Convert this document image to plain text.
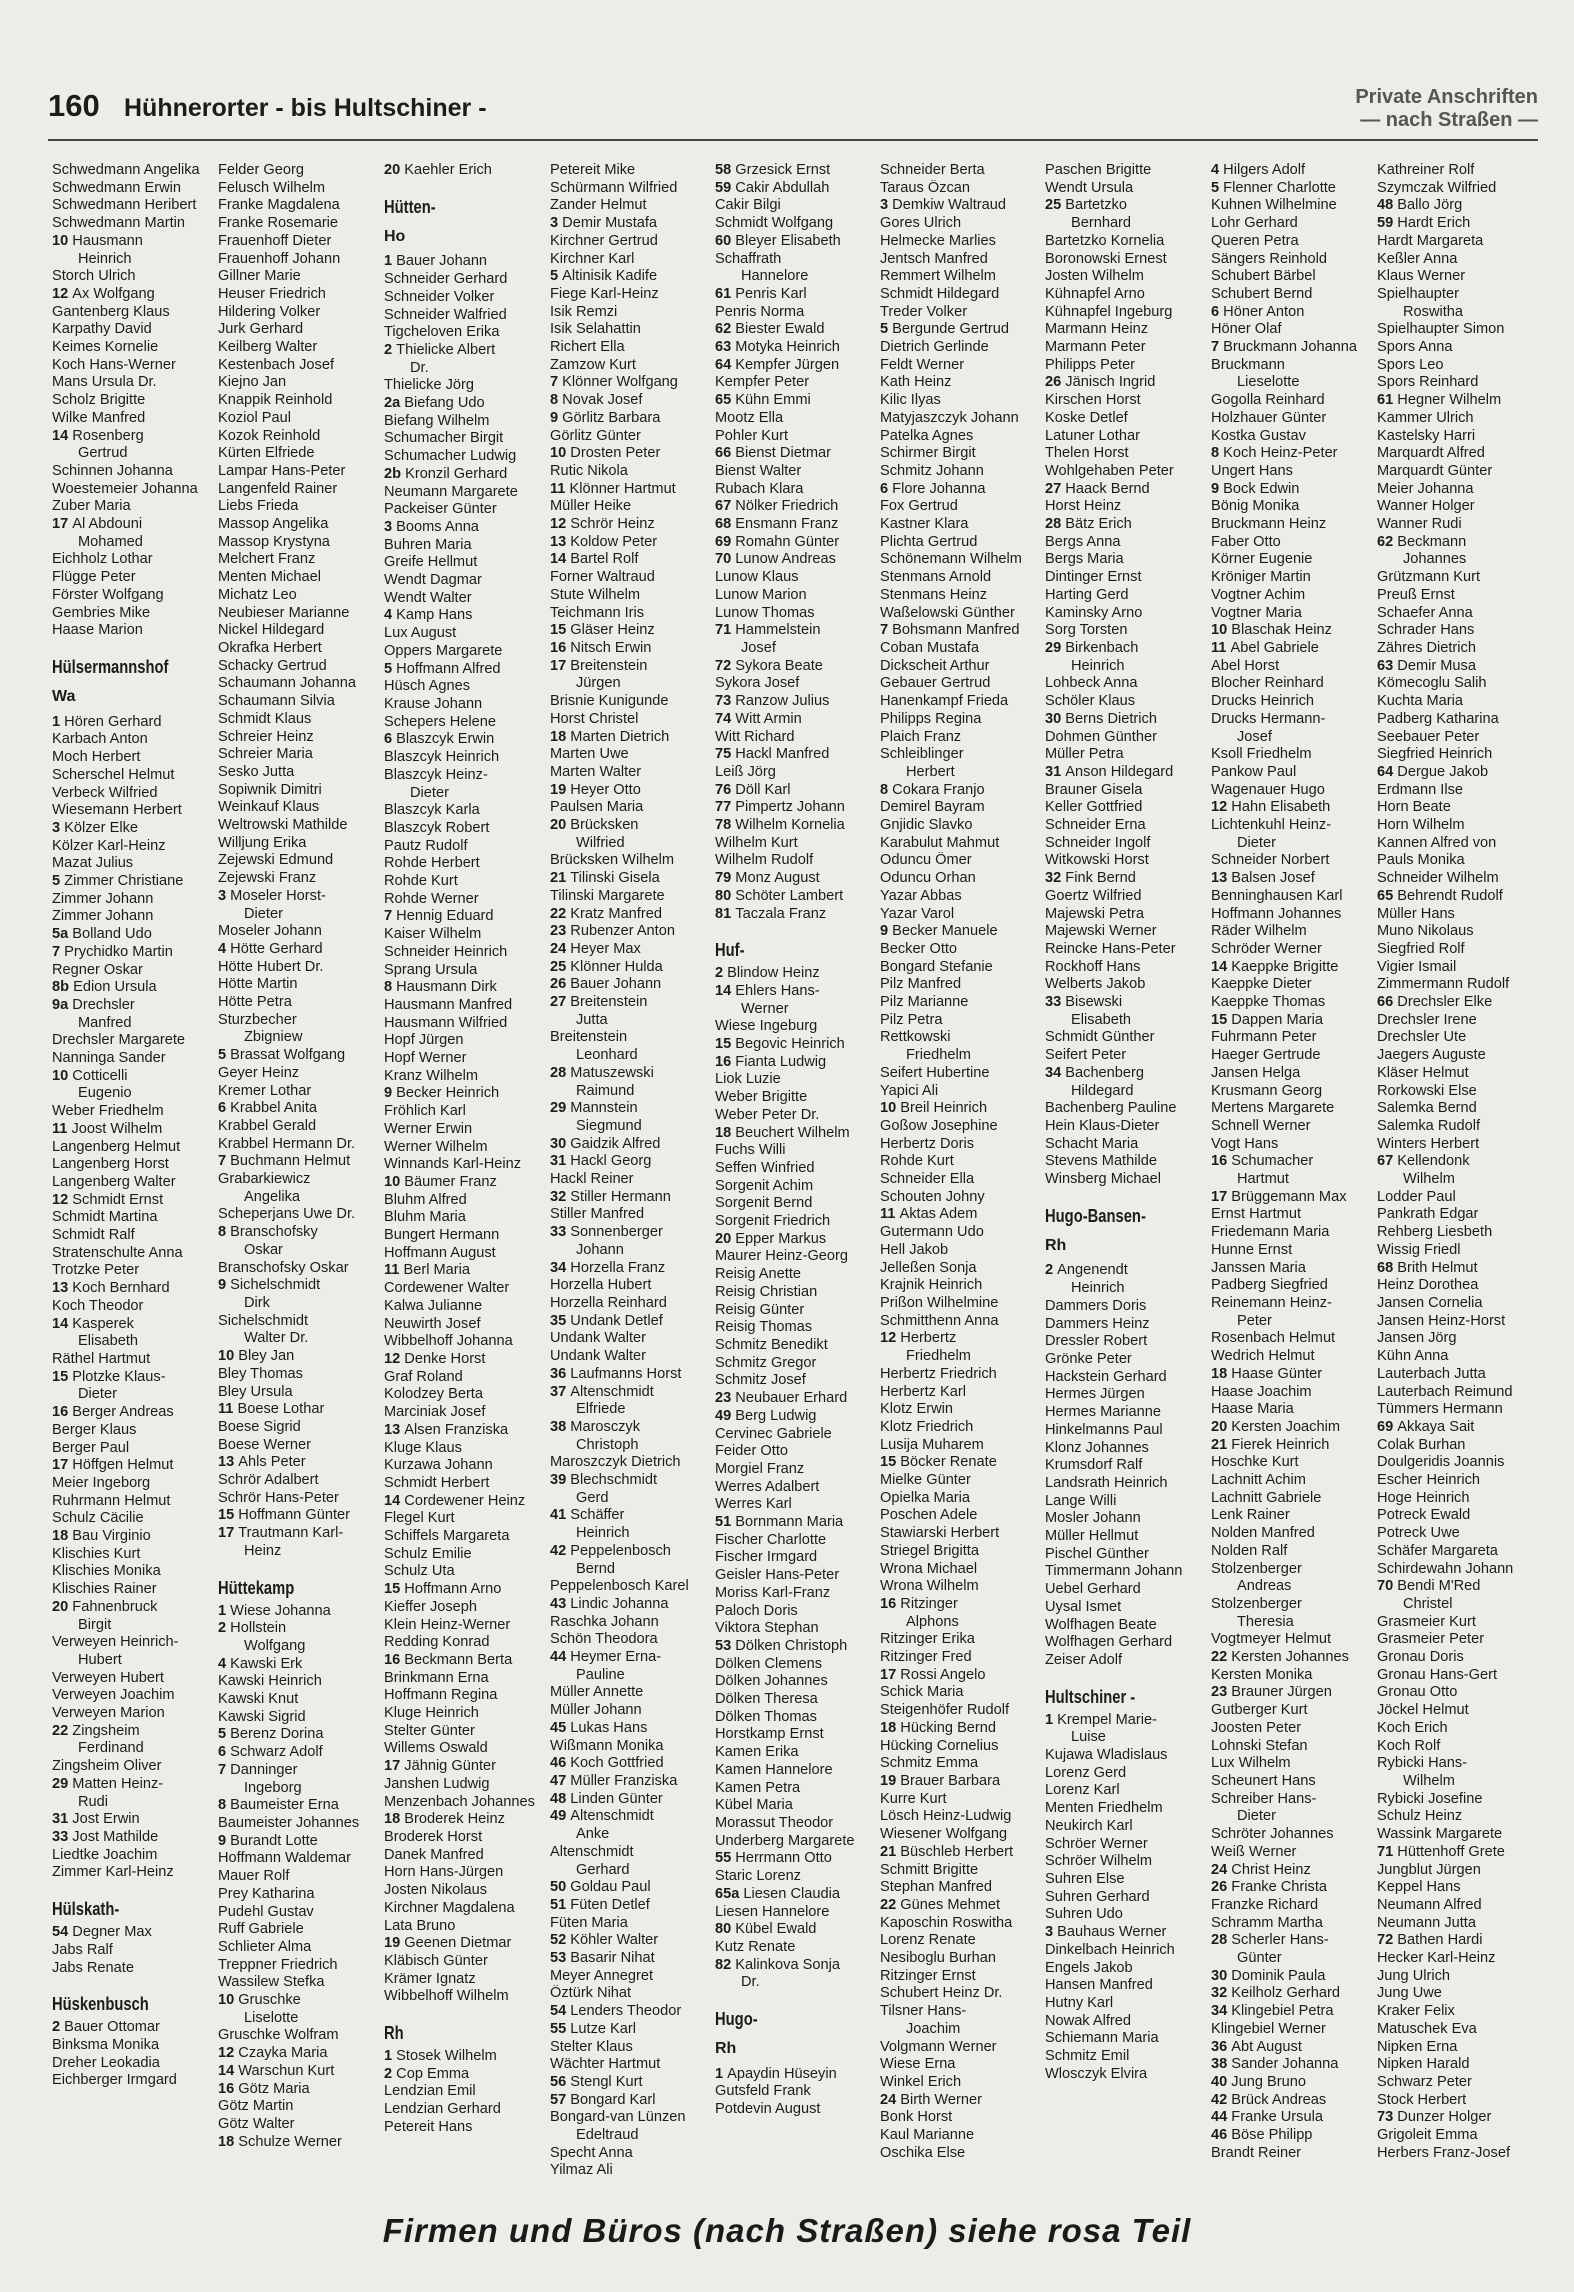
160 Hühnerorter - bis Hultschiner -	Private Anschriften
— nach Straßen —
Schwedmann Angelika
Schwedmann Erwin
Schwedmann Heribert
Schwedmann Martin
10 Hausmann
Heinrich
Storch Ulrich
12 Ax Wolfgang
Gantenberg Klaus
Karpathy David
Keimes Kornelie
Koch Hans-Werner
Mans Ursula Dr.
Scholz Brigitte
Wilke Manfred
14 Rosenberg
Gertrud
Schinnen Johanna
Woestemeier Johanna
Zuber Maria
17 Al Abdouni
Mohamed
Eichholz Lothar
Flügge Peter
Förster Wolfgang
Gembries Mike
Haase Marion
Hülsermannshof
Wa
1 Hören Gerhard
Karbach Anton
Moch Herbert
Scherschel Helmut
Verbeck Wilfried
Wiesemann Herbert
3 Kölzer Elke
Kölzer Karl-Heinz
Mazat Julius
5 Zimmer Christiane
Zimmer Johann
Zimmer Johann
5a Bolland Udo
7 Prychidko Martin
Regner Oskar
8b Edion Ursula
9a Drechsler
Manfred
Drechsler Margarete
Nanninga Sander
10 Cotticelli
Eugenio
Weber Friedhelm
11 Joost Wilhelm
Langenberg Helmut
Langenberg Horst
Langenberg Walter
12 Schmidt Ernst
Schmidt Martina
Schmidt Ralf
Stratenschulte Anna
Trotzke Peter
13 Koch Bernhard
Koch Theodor
14 Kasperek
Elisabeth
Räthel Hartmut
15 Plotzke Klaus-
Dieter
16 Berger Andreas
Berger Klaus
Berger Paul
17 Höffgen Helmut
Meier Ingeborg
Ruhrmann Helmut
Schulz Cäcilie
18 Bau Virginio
Klischies Kurt
Klischies Monika
Klischies Rainer
20 Fahnenbruck
Birgit
Verweyen Heinrich-
Hubert
Verweyen Hubert
Verweyen Joachim
Verweyen Marion
22 Zingsheim
Ferdinand
Zingsheim Oliver
29 Matten Heinz-
Rudi
31 Jost Erwin
33 Jost Mathilde
Liedtke Joachim
Zimmer Karl-Heinz
Hülskath-
54 Degner Max
Jabs Ralf
Jabs Renate
Hüskenbusch
2 Bauer Ottomar
Binksma Monika
Dreher Leokadia
Eichberger Irmgard
Felder Georg
Felusch Wilhelm
Franke Magdalena
Franke Rosemarie
Frauenhoff Dieter
Frauenhoff Johann
Gillner Marie
Heuser Friedrich
Hildering Volker
Jurk Gerhard
Keilberg Walter
Kestenbach Josef
Kiejno Jan
Knappik Reinhold
Koziol Paul
Kozok Reinhold
Kürten Elfriede
Lampar Hans-Peter
Langenfeld Rainer
Liebs Frieda
Massop Angelika
Massop Krystyna
Melchert Franz
Menten Michael
Michatz Leo
Neubieser Marianne
Nickel Hildegard
Okrafka Herbert
Schacky Gertrud
Schaumann Johanna
Schaumann Silvia
Schmidt Klaus
Schreier Heinz
Schreier Maria
Sesko Jutta
Sopiwnik Dimitri
Weinkauf Klaus
Weltrowski Mathilde
Willjung Erika
Zejewski Edmund
Zejewski Franz
3 Moseler Horst-
Dieter
Moseler Johann
4 Hötte Gerhard
Hötte Hubert Dr.
Hötte Martin
Hötte Petra
Sturzbecher
Zbigniew
5 Brassat Wolfgang
Geyer Heinz
Kremer Lothar
6 Krabbel Anita
Krabbel Gerald
Krabbel Hermann Dr.
7 Buchmann Helmut
Grabarkiewicz
Angelika
Scheperjans Uwe Dr.
8 Branschofsky
Oskar
Branschofsky Oskar
9 Sichelschmidt
Dirk
Sichelschmidt
Walter Dr.
10 Bley Jan
Bley Thomas
Bley Ursula
11 Boese Lothar
Boese Sigrid
Boese Werner
13 Ahls Peter
Schrör Adalbert
Schrör Hans-Peter
15 Hoffmann Günter
17 Trautmann Karl-
Heinz
Hüttekamp
1 Wiese Johanna
2 Hollstein
Wolfgang
4 Kawski Erk
Kawski Heinrich
Kawski Knut
Kawski Sigrid
5 Berenz Dorina
6 Schwarz Adolf
7 Danninger
Ingeborg
8 Baumeister Erna
Baumeister Johannes
9 Burandt Lotte
Hoffmann Waldemar
Mauer Rolf
Prey Katharina
Pudehl Gustav
Ruff Gabriele
Schlieter Alma
Treppner Friedrich
Wassilew Stefka
10 Gruschke
Liselotte
Gruschke Wolfram
12 Czayka Maria
14 Warschun Kurt
16 Götz Maria
Götz Martin
Götz Walter
18 Schulze Werner
20 Kaehler Erich
Hütten-
Ho
1 Bauer Johann
Schneider Gerhard
Schneider Volker
Schneider Walfried
Tigcheloven Erika
2 Thielicke Albert
Dr.
Thielicke Jörg
2a Biefang Udo
Biefang Wilhelm
Schumacher Birgit
Schumacher Ludwig
2b Kronzil Gerhard
Neumann Margarete
Packeiser Günter
3 Booms Anna
Buhren Maria
Greife Hellmut
Wendt Dagmar
Wendt Walter
4 Kamp Hans
Lux August
Oppers Margarete
5 Hoffmann Alfred
Hüsch Agnes
Krause Johann
Schepers Helene
6 Blaszcyk Erwin
Blaszcyk Heinrich
Blaszcyk Heinz-
Dieter
Blaszcyk Karla
Blaszcyk Robert
Pautz Rudolf
Rohde Herbert
Rohde Kurt
Rohde Werner
7 Hennig Eduard
Kaiser Wilhelm
Schneider Heinrich
Sprang Ursula
8 Hausmann Dirk
Hausmann Manfred
Hausmann Wilfried
Hopf Jürgen
Hopf Werner
Kranz Wilhelm
9 Becker Heinrich
Fröhlich Karl
Werner Erwin
Werner Wilhelm
Winnands Karl-Heinz
10 Bäumer Franz
Bluhm Alfred
Bluhm Maria
Bungert Hermann
Hoffmann August
11 Berl Maria
Cordewener Walter
Kalwa Julianne
Neuwirth Josef
Wibbelhoff Johanna
12 Denke Horst
Graf Roland
Kolodzey Berta
Marciniak Josef
13 Alsen Franziska
Kluge Klaus
Kurzawa Johann
Schmidt Herbert
14 Cordewener Heinz
Flegel Kurt
Schiffels Margareta
Schulz Emilie
Schulz Uta
15 Hoffmann Arno
Kieffer Joseph
Klein Heinz-Werner
Redding Konrad
16 Beckmann Berta
Brinkmann Erna
Hoffmann Regina
Kluge Heinrich
Stelter Günter
Willems Oswald
17 Jähnig Günter
Janshen Ludwig
Menzenbach Johannes
18 Broderek Heinz
Broderek Horst
Danek Manfred
Horn Hans-Jürgen
Josten Nikolaus
Kirchner Magdalena
Lata Bruno
19 Geenen Dietmar
Kläbisch Günter
Krämer Ignatz
Wibbelhoff Wilhelm
Rh
1 Stosek Wilhelm
2 Cop Emma
Lendzian Emil
Lendzian Gerhard
Petereit Hans
Petereit Mike
Schürmann Wilfried
Zander Helmut
3 Demir Mustafa
Kirchner Gertrud
Kirchner Karl
5 Altinisik Kadife
Fiege Karl-Heinz
Isik Remzi
Isik Selahattin
Richert Ella
Zamzow Kurt
7 Klönner Wolfgang
8 Novak Josef
9 Görlitz Barbara
Görlitz Günter
10 Drosten Peter
Rutic Nikola
11 Klönner Hartmut
Müller Heike
12 Schrör Heinz
13 Koldow Peter
14 Bartel Rolf
Forner Waltraud
Stute Wilhelm
Teichmann Iris
15 Gläser Heinz
16 Nitsch Erwin
17 Breitenstein
Jürgen
Brisnie Kunigunde
Horst Christel
18 Marten Dietrich
Marten Uwe
Marten Walter
19 Heyer Otto
Paulsen Maria
20 Brücksken
Wilfried
Brücksken Wilhelm
21 Tilinski Gisela
Tilinski Margarete
22 Kratz Manfred
23 Rubenzer Anton
24 Heyer Max
25 Klönner Hulda
26 Bauer Johann
27 Breitenstein
Jutta
Breitenstein
Leonhard
28 Matuszewski
Raimund
29 Mannstein
Siegmund
30 Gaidzik Alfred
31 Hackl Georg
Hackl Reiner
32 Stiller Hermann
Stiller Manfred
33 Sonnenberger
Johann
34 Horzella Franz
Horzella Hubert
Horzella Reinhard
35 Undank Detlef
Undank Walter
Undank Walter
36 Laufmanns Horst
37 Altenschmidt
Elfriede
38 Marosczyk
Christoph
Maroszczyk Dietrich
39 Blechschmidt
Gerd
41 Schäffer
Heinrich
42 Peppelenbosch
Bernd
Peppelenbosch Karel
43 Lindic Johanna
Raschka Johann
Schön Theodora
44 Heymer Erna-
Pauline
Müller Annette
Müller Johann
45 Lukas Hans
Wißmann Monika
46 Koch Gottfried
47 Müller Franziska
48 Linden Günter
49 Altenschmidt
Anke
Altenschmidt
Gerhard
50 Goldau Paul
51 Füten Detlef
Füten Maria
52 Köhler Walter
53 Basarir Nihat
Meyer Annegret
Öztürk Nihat
54 Lenders Theodor
55 Lutze Karl
Stelter Klaus
Wächter Hartmut
56 Stengl Kurt
57 Bongard Karl
Bongard-van Lünzen
Edeltraud
Specht Anna
Yilmaz Ali
58 Grzesick Ernst
59 Cakir Abdullah
Cakir Bilgi
Schmidt Wolfgang
60 Bleyer Elisabeth
Schaffrath
Hannelore
61 Penris Karl
Penris Norma
62 Biester Ewald
63 Motyka Heinrich
64 Kempfer Jürgen
Kempfer Peter
65 Kühn Emmi
Mootz Ella
Pohler Kurt
66 Bienst Dietmar
Bienst Walter
Rubach Klara
67 Nölker Friedrich
68 Ensmann Franz
69 Romahn Günter
70 Lunow Andreas
Lunow Klaus
Lunow Marion
Lunow Thomas
71 Hammelstein
Josef
72 Sykora Beate
Sykora Josef
73 Ranzow Julius
74 Witt Armin
Witt Richard
75 Hackl Manfred
Leiß Jörg
76 Döll Karl
77 Pimpertz Johann
78 Wilhelm Kornelia
Wilhelm Kurt
Wilhelm Rudolf
79 Monz August
80 Schöter Lambert
81 Taczala Franz
Huf-
2 Blindow Heinz
14 Ehlers Hans-
Werner
Wiese Ingeburg
15 Begovic Heinrich
16 Fianta Ludwig
Liok Luzie
Weber Brigitte
Weber Peter Dr.
18 Beuchert Wilhelm
Fuchs Willi
Seffen Winfried
Sorgenit Achim
Sorgenit Bernd
Sorgenit Friedrich
20 Epper Markus
Maurer Heinz-Georg
Reisig Anette
Reisig Christian
Reisig Günter
Reisig Thomas
Schmitz Benedikt
Schmitz Gregor
Schmitz Josef
23 Neubauer Erhard
49 Berg Ludwig
Cervinec Gabriele
Feider Otto
Morgiel Franz
Werres Adalbert
Werres Karl
51 Bornmann Maria
Fischer Charlotte
Fischer Irmgard
Geisler Hans-Peter
Moriss Karl-Franz
Paloch Doris
Viktora Stephan
53 Dölken Christoph
Dölken Clemens
Dölken Johannes
Dölken Theresa
Dölken Thomas
Horstkamp Ernst
Kamen Erika
Kamen Hannelore
Kamen Petra
Kübel Maria
Morassut Theodor
Underberg Margarete
55 Herrmann Otto
Staric Lorenz
65a Liesen Claudia
Liesen Hannelore
80 Kübel Ewald
Kutz Renate
82 Kalinkova Sonja
Dr.
Hugo-
Rh
1 Apaydin Hüseyin
Gutsfeld Frank
Potdevin August
Schneider Berta
Taraus Özcan
3 Demkiw Waltraud
Gores Ulrich
Helmecke Marlies
Jentsch Manfred
Remmert Wilhelm
Schmidt Hildegard
Treder Volker
5 Bergunde Gertrud
Dietrich Gerlinde
Feldt Werner
Kath Heinz
Kilic Ilyas
Matyjaszczyk Johann
Patelka Agnes
Schirmer Birgit
Schmitz Johann
6 Flore Johanna
Fox Gertrud
Kastner Klara
Plichta Gertrud
Schönemann Wilhelm
Stenmans Arnold
Stenmans Heinz
Waßelowski Günther
7 Bohsmann Manfred
Coban Mustafa
Dickscheit Arthur
Gebauer Gertrud
Hanenkampf Frieda
Philipps Regina
Plaich Franz
Schleiblinger
Herbert
8 Cokara Franjo
Demirel Bayram
Gnjidic Slavko
Karabulut Mahmut
Oduncu Ömer
Oduncu Orhan
Yazar Abbas
Yazar Varol
9 Becker Manuele
Becker Otto
Bongard Stefanie
Pilz Manfred
Pilz Marianne
Pilz Petra
Rettkowski
Friedhelm
Seifert Hubertine
Yapici Ali
10 Breil Heinrich
Goßow Josephine
Herbertz Doris
Rohde Kurt
Schneider Ella
Schouten Johny
11 Aktas Adem
Gutermann Udo
Hell Jakob
Jelleßen Sonja
Krajnik Heinrich
Prißon Wilhelmine
Schmitthenn Anna
12 Herbertz
Friedhelm
Herbertz Friedrich
Herbertz Karl
Klotz Erwin
Klotz Friedrich
Lusija Muharem
15 Böcker Renate
Mielke Günter
Opielka Maria
Poschen Adele
Stawiarski Herbert
Striegel Brigitta
Wrona Michael
Wrona Wilhelm
16 Ritzinger
Alphons
Ritzinger Erika
Ritzinger Fred
17 Rossi Angelo
Schick Maria
Steigenhöfer Rudolf
18 Hücking Bernd
Hücking Cornelius
Schmitz Emma
19 Brauer Barbara
Kurre Kurt
Lösch Heinz-Ludwig
Wiesener Wolfgang
21 Büschleb Herbert
Schmitt Brigitte
Stephan Manfred
22 Günes Mehmet
Kaposchin Roswitha
Lorenz Renate
Nesiboglu Burhan
Ritzinger Ernst
Schubert Heinz Dr.
Tilsner Hans-
Joachim
Volgmann Werner
Wiese Erna
Winkel Erich
24 Birth Werner
Bonk Horst
Kaul Marianne
Oschika Else
Paschen Brigitte
Wendt Ursula
25 Bartetzko
Bernhard
Bartetzko Kornelia
Boronowski Ernest
Josten Wilhelm
Kühnapfel Arno
Kühnapfel Ingeburg
Marmann Heinz
Marmann Peter
Philipps Peter
26 Jänisch Ingrid
Kirschen Horst
Koske Detlef
Latuner Lothar
Thelen Horst
Wohlgehaben Peter
27 Haack Bernd
Horst Heinz
28 Bätz Erich
Bergs Anna
Bergs Maria
Dintinger Ernst
Harting Gerd
Kaminsky Arno
Sorg Torsten
29 Birkenbach
Heinrich
Lohbeck Anna
Schöler Klaus
30 Berns Dietrich
Dohmen Günther
Müller Petra
31 Anson Hildegard
Brauner Gisela
Keller Gottfried
Schneider Erna
Schneider Ingolf
Witkowski Horst
32 Fink Bernd
Goertz Wilfried
Majewski Petra
Majewski Werner
Reincke Hans-Peter
Rockhoff Hans
Welberts Jakob
33 Bisewski
Elisabeth
Schmidt Günther
Seifert Peter
34 Bachenberg
Hildegard
Bachenberg Pauline
Hein Klaus-Dieter
Schacht Maria
Stevens Mathilde
Winsberg Michael
Hugo-Bansen-
Rh
2 Angenendt
Heinrich
Dammers Doris
Dammers Heinz
Dressler Robert
Grönke Peter
Hackstein Gerhard
Hermes Jürgen
Hermes Marianne
Hinkelmanns Paul
Klonz Johannes
Krumsdorf Ralf
Landsrath Heinrich
Lange Willi
Mosler Johann
Müller Hellmut
Pischel Günther
Timmermann Johann
Uebel Gerhard
Uysal Ismet
Wolfhagen Beate
Wolfhagen Gerhard
Zeiser Adolf
Hultschiner -
1 Krempel Marie-
Luise
Kujawa Wladislaus
Lorenz Gerd
Lorenz Karl
Menten Friedhelm
Neukirch Karl
Schröer Werner
Schröer Wilhelm
Suhren Else
Suhren Gerhard
Suhren Udo
3 Bauhaus Werner
Dinkelbach Heinrich
Engels Jakob
Hansen Manfred
Hutny Karl
Nowak Alfred
Schiemann Maria
Schmitz Emil
Wlosczyk Elvira
4 Hilgers Adolf
5 Flenner Charlotte
Kuhnen Wilhelmine
Lohr Gerhard
Queren Petra
Sängers Reinhold
Schubert Bärbel
Schubert Bernd
6 Höner Anton
Höner Olaf
7 Bruckmann Johanna
Bruckmann
Lieselotte
Gogolla Reinhard
Holzhauer Günter
Kostka Gustav
8 Koch Heinz-Peter
Ungert Hans
9 Bock Edwin
Bönig Monika
Bruckmann Heinz
Faber Otto
Körner Eugenie
Kröniger Martin
Vogtner Achim
Vogtner Maria
10 Blaschak Heinz
11 Abel Gabriele
Abel Horst
Blocher Reinhard
Drucks Heinrich
Drucks Hermann-
Josef
Ksoll Friedhelm
Pankow Paul
Wagenauer Hugo
12 Hahn Elisabeth
Lichtenkuhl Heinz-
Dieter
Schneider Norbert
13 Balsen Josef
Benninghausen Karl
Hoffmann Johannes
Räder Wilhelm
Schröder Werner
14 Kaeppke Brigitte
Kaeppke Dieter
Kaeppke Thomas
15 Dappen Maria
Fuhrmann Peter
Haeger Gertrude
Jansen Helga
Krusmann Georg
Mertens Margarete
Schnell Werner
Vogt Hans
16 Schumacher
Hartmut
17 Brüggemann Max
Ernst Hartmut
Friedemann Maria
Hunne Ernst
Janssen Maria
Padberg Siegfried
Reinemann Heinz-
Peter
Rosenbach Helmut
Wedrich Helmut
18 Haase Günter
Haase Joachim
Haase Maria
20 Kersten Joachim
21 Fierek Heinrich
Hoschke Kurt
Lachnitt Achim
Lachnitt Gabriele
Lenk Rainer
Nolden Manfred
Nolden Ralf
Stolzenberger
Andreas
Stolzenberger
Theresia
Vogtmeyer Helmut
22 Kersten Johannes
Kersten Monika
23 Brauner Jürgen
Gutberger Kurt
Joosten Peter
Lohnski Stefan
Lux Wilhelm
Scheunert Hans
Schreiber Hans-
Dieter
Schröter Johannes
Weiß Werner
24 Christ Heinz
26 Franke Christa
Franzke Richard
Schramm Martha
28 Scherler Hans-
Günter
30 Dominik Paula
32 Keilholz Gerhard
34 Klingebiel Petra
Klingebiel Werner
36 Abt August
38 Sander Johanna
40 Jung Bruno
42 Brück Andreas
44 Franke Ursula
46 Böse Philipp
Brandt Reiner
Kathreiner Rolf
Szymczak Wilfried
48 Ballo Jörg
59 Hardt Erich
Hardt Margareta
Keßler Anna
Klaus Werner
Spielhaupter
Roswitha
Spielhaupter Simon
Spors Anna
Spors Leo
Spors Reinhard
61 Hegner Wilhelm
Kammer Ulrich
Kastelsky Harri
Marquardt Alfred
Marquardt Günter
Meier Johanna
Wanner Holger
Wanner Rudi
62 Beckmann
Johannes
Grützmann Kurt
Preuß Ernst
Schaefer Anna
Schrader Hans
Zähres Dietrich
63 Demir Musa
Kömecoglu Salih
Kuchta Maria
Padberg Katharina
Seebauer Peter
Siegfried Heinrich
64 Dergue Jakob
Erdmann Ilse
Horn Beate
Horn Wilhelm
Kannen Alfred von
Pauls Monika
Schneider Wilhelm
65 Behrendt Rudolf
Müller Hans
Muno Nikolaus
Siegfried Rolf
Vigier Ismail
Zimmermann Rudolf
66 Drechsler Elke
Drechsler Irene
Drechsler Ute
Jaegers Auguste
Kläser Helmut
Rorkowski Else
Salemka Bernd
Salemka Rudolf
Winters Herbert
67 Kellendonk
Wilhelm
Lodder Paul
Pankrath Edgar
Rehberg Liesbeth
Wissig Friedl
68 Brith Helmut
Heinz Dorothea
Jansen Cornelia
Jansen Heinz-Horst
Jansen Jörg
Kühn Anna
Lauterbach Jutta
Lauterbach Reimund
Tümmers Hermann
69 Akkaya Sait
Colak Burhan
Doulgeridis Joannis
Escher Heinrich
Hoge Heinrich
Potreck Ewald
Potreck Uwe
Schäfer Margareta
Schirdewahn Johann
70 Bendi M'Red
Christel
Grasmeier Kurt
Grasmeier Peter
Gronau Doris
Gronau Hans-Gert
Gronau Otto
Jöckel Helmut
Koch Erich
Koch Rolf
Rybicki Hans-
Wilhelm
Rybicki Josefine
Schulz Heinz
Wassink Margarete
71 Hüttenhoff Grete
Jungblut Jürgen
Keppel Hans
Neumann Alfred
Neumann Jutta
72 Bathen Hardi
Hecker Karl-Heinz
Jung Ulrich
Jung Uwe
Kraker Felix
Matuschek Eva
Nipken Erna
Nipken Harald
Schwarz Peter
Stock Herbert
73 Dunzer Holger
Grigoleit Emma
Herbers Franz-Josef
Firmen und Büros (nach Straßen) siehe rosa Teil
